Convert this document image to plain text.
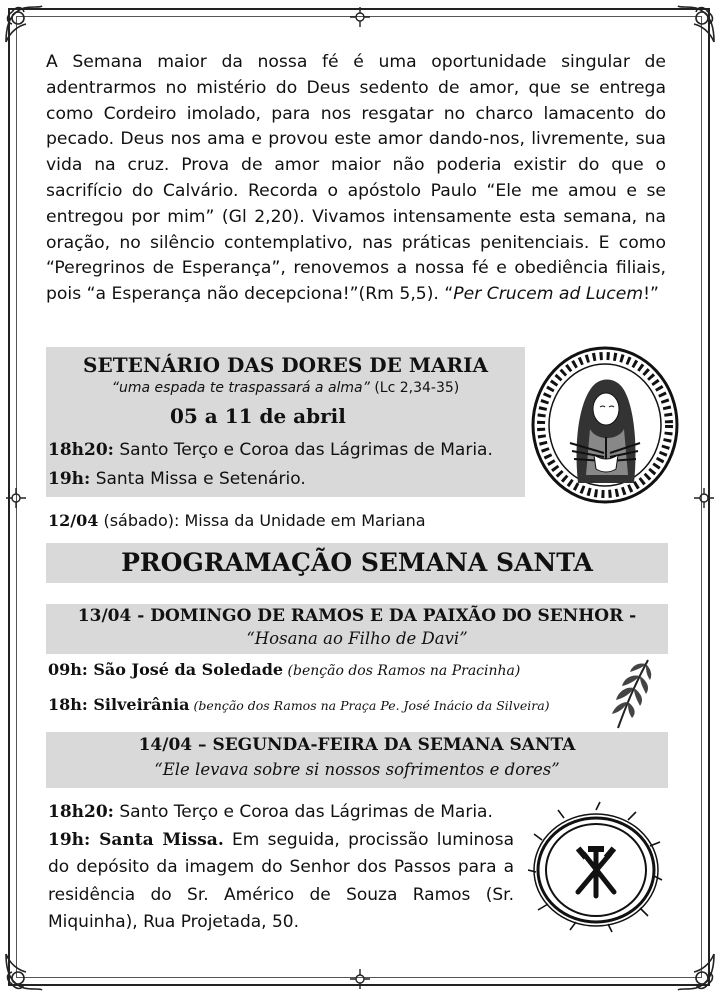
A Semana maior da nossa fé é uma oportunidade singular de adentrarmos no mistério do Deus sedento de amor, que se entrega como Cordeiro imolado, para nos resgatar no charco lamacento do pecado. Deus nos ama e provou este amor dando-nos, livremente, sua vida na cruz. Prova de amor maior não poderia existir do que o sacrifício do Calvário. Recorda o apóstolo Paulo “Ele me amou e se entregou por mim” (Gl 2,20). Vivamos intensamente esta semana, na oração, no silêncio contemplativo, nas práticas penitenciais. E como “Peregrinos de Esperança”, renovemos a nossa fé e obediência filiais, pois “a Esperança não decepciona!”(Rm 5,5). “Per Crucem ad Lucem!”

SETENÁRIO DAS DORES DE MARIA
“uma espada te traspassará a alma” (Lc 2,34-35)
05 a 11 de abril
18h20: Santo Terço e Coroa das Lágrimas de Maria.
19h: Santa Missa e Setenário.
12/04 (sábado): Missa da Unidade em Mariana
PROGRAMAÇÃO SEMANA SANTA
13/04 - DOMINGO DE RAMOS E DA PAIXÃO DO SENHOR -
“Hosana ao Filho de Davi”
09h: São José da Soledade (benção dos Ramos na Pracinha)
18h: Silveirânia (benção dos Ramos na Praça Pe. José Inácio da Silveira)
14/04 – SEGUNDA-FEIRA DA SEMANA SANTA
“Ele levava sobre si nossos sofrimentos e dores”

18h20: Santo Terço e Coroa das Lágrimas de Maria.

19h: Santa Missa. Em seguida, procissão luminosa do depósito da imagem do Senhor dos Passos para a residência do Sr. Américo de Souza Ramos (Sr. Miquinha), Rua Projetada, 50.
